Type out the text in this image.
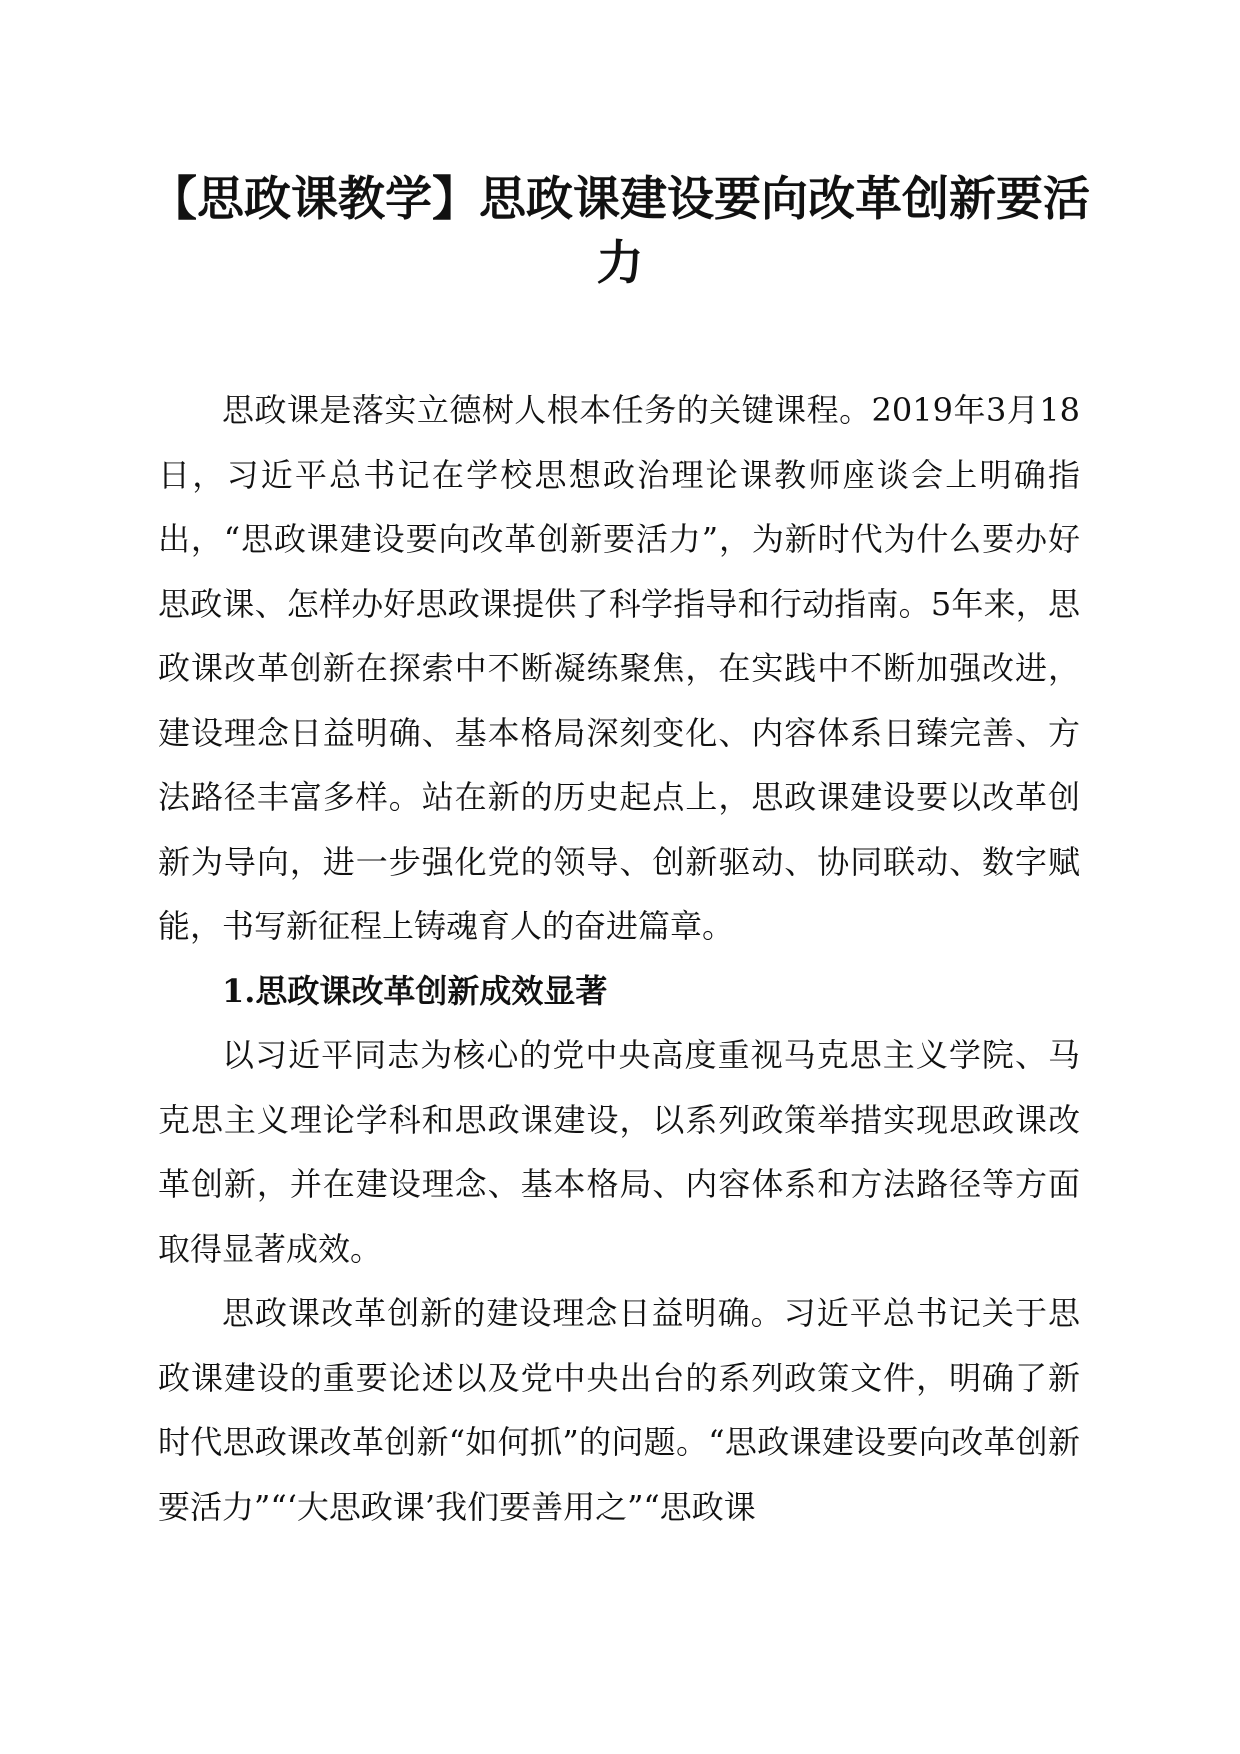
【思政课教学】思政课建设要向改革创新要活力

思政课是落实立德树人根本任务的关键课程。2019年3月18日，习近平总书记在学校思想政治理论课教师座谈会上明确指出，“思政课建设要向改革创新要活力”，为新时代为什么要办好思政课、怎样办好思政课提供了科学指导和行动指南。5年来，思政课改革创新在探索中不断凝练聚焦，在实践中不断加强改进，建设理念日益明确、基本格局深刻变化、内容体系日臻完善、方法路径丰富多样。站在新的历史起点上，思政课建设要以改革创新为导向，进一步强化党的领导、创新驱动、协同联动、数字赋能，书写新征程上铸魂育人的奋进篇章。

1.思政课改革创新成效显著

以习近平同志为核心的党中央高度重视马克思主义学院、马克思主义理论学科和思政课建设，以系列政策举措实现思政课改革创新，并在建设理念、基本格局、内容体系和方法路径等方面取得显著成效。

思政课改革创新的建设理念日益明确。习近平总书记关于思政课建设的重要论述以及党中央出台的系列政策文件，明确了新时代思政课改革创新“如何抓”的问题。“思政课建设要向改革创新要活力”“‘大思政课’我们要善用之”“思政课
